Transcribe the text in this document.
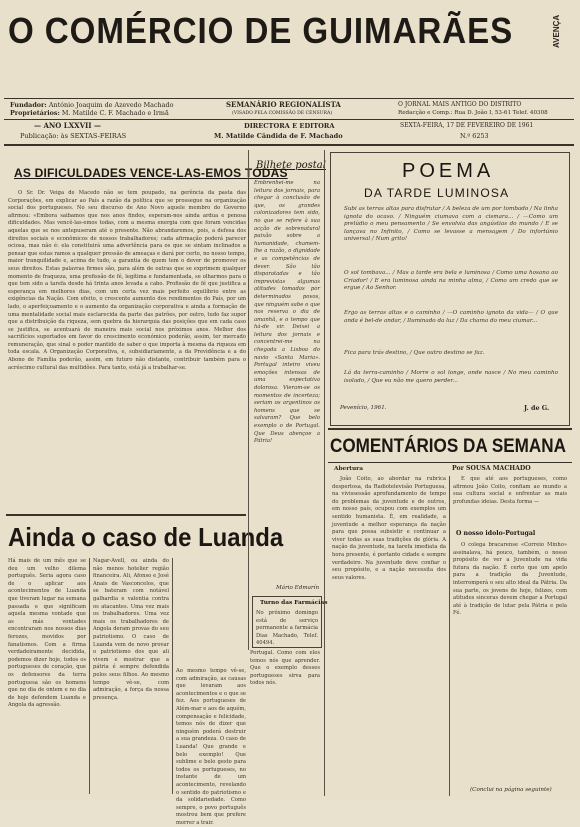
O COMÉRCIO DE GUIMARÃES	AVENÇA
Fundador: António Joaquim de Azevedo Machado
Proprietários: M. Matilde C. F. Machado e Irmã
SEMANÁRIO REGIONALISTA
(VISADO PELA COMISSÃO DE CENSURA)
O JORNAL MAIS ANTIGO DO DISTRITO
Redacção e Comp.: Rua D. João I, 53-61 Telef. 40308
— ANO LXXVII —
Publicação: às SEXTAS-FEIRAS
DIRECTORA E EDITORA
M. Matilde Cândida de F. Machado
SEXTA-FEIRA, 17 DE FEVEREIRO DE 1961
N.º 6253
AS DIFICULDADES VENCE-LAS-EMOS TODAS
O Sr. Dr. Veiga de Macedo não se tem poupado, na gerência da pasta das Corporações, em explicar ao País a razão da política que se prossegue na organização social dos portugueses. No seu discurso de Ano Novo aquele membro do Governo afirmou: «Embora saibamos que nos anos findos, esperam-nos ainda ardua e penosa dificuldades. Mas vencê-las-emos todas, com a mesma energia com que foram vencidas aquelas que se nos antepuseram até o presente. Não abrandaremos, pois, a defesa dos direitos sociais e econômicos de nossos trabalhadores; cada afirmação poderá parecer ociosa, mas não é: ela constituirá uma advertência para os que se sintam inclinados a pensar que estas ramos a qualquer pressão de ameaças e dará por certo, no nosso tempo, maior tranquilidade e, acima de tudo, a garantia de quem tem o dever de promover os seus direitos. Estas palavras firmes são, para além de outras que se exprimem qualquer momento de fraqueza, uma profissão de fé, legítima e fundamentada, se olharmos para o que tem sido a tarefa desde há trinta anos levada a cabo. Profissão de fé que justifica a esperança em melhores dias, com um certa vez mais perfeito equilíbrio entre as exigências da Nação. Com efeito, o crescente aumento dos rendimentos do País, por um lado, o aperfeiçoamento e o aumento da organização corporativa e ainda a formação de uma mentalidade social mais esclarecida da parte das patrões, por outro, tudo faz supor que a distribuição da riqueza, sem quebra da hierarquia das posições que em cada caso se justifica, se acentuará de maneira mais social nos próximos anos. Melhor dos sacrifícios suportados em favor do crescimento económico poderão, assim, ter mercado remuneração, que sinal o poder mantido de saber o que importa à mesma da riqueza em toda escala. A Organização Corporativa, e, subsidiariamente, a da Previdência e a do Abono de Família poderão, assim, em futuro não distante, contribuir também para o acréscimo cultural das multidões. Para tanto, está já a trabalhar-se.
Ainda o caso de Luanda
Há mais de um mês que se deu um velho dilema português. Seria agora caso de o aplicar aos acontecimentos de Luanda que tiveram lugar na semana passada e que significam aquela mesma vontade que as más vontades encontraram nos nossos dias ferozes, movidos por fanatismos. Com a firma verdadeiramente decidida, podemos dizer hoje, todos os portugueses de coração, que os defensores da terra portuguesa são os homens que no dia de ontem e no dia de hoje defendem Luanda e Angola da agressão.
Nagar-Avell, ou ainda do não menos hotelier região financeira. Ali, Afonso e José Anais de Vasconcelos, que se bateram com notável galhardia e valentia contra os atacantes. Uma vez mais os trabalhadores. Uma vez mais os trabalhadores de Angola deram provas do seu patriotismo. O caso de Luanda vem de novo provar o patriotismo dos que ali vivem e mostrar que a pátria é sempre defendida pelos seus filhos. Ao mesmo tempo vê-se, com admiração, a força da nossa presença.
Ao mesmo tempo vê-se, com admiração, as causas que levaram aos acontecimentos e o que se fez. Aos portugueses de Além-mar e aos de aquém, compensação e felicidade, temos nós de dizer que ninguém poderá destruir a sua grandeza. O caso de Luanda! Que grande e belo exemplo! Que sublime e belo gesto para todos os portugueses, no instante de um acontecimento, revelando o sentido do patriotismo e da solidariedade. Como sempre, o povo português mostrou bem que prefere morrer a trair.
Portugal. Como com eles temos nós que aprender. Que o exemplo desses portugueses sirva para todos nós.
Bilhete postal
Embrenhei-me na leitura dos jornais, para chegar à conclusão de que, os grandes colonizadores tem sido, no que se refere à sua acção de sobrenatural paixão sobre a humanidade, chamem-lhe a razão, o dignidade e as competências de dever. São tão disparatadas e tão imprevistas algumas atitudes tomadas por determinados povos, que ninguém sabe o que nos reserva o dia de amanhã, e o tempo que há-de vir. Deixei a leitura dos jornais e concentrei-me na chegada a Lisboa do navio «Santa Maria». Portugal inteiro viveu emoções intensas de uma espectativa dolorosa. Vieram-se os momentos de incerteza; seriam os argentinos os homens que se salvaram? Que belo exemplo o de Portugal. Que Deus abençoe a Pátria!
Mário Edmarín
Turno das Farmácias
No próximo domingo está de serviço permanente a farmácia Dias Machado, Telef. 40494.
POEMA
DA TARDE LUMINOSA
Subi as terras altas para disfrutar / A beleza de um por tombado / Na linha ignota do ocaso. / Ninguém ciumava com a cismara... / —Como um prelúdio o meu pensamento / Se envolvia das angústias do mundo / E se lançava no Infinito, / Como se levasse a mensagem / Do infortúnio universal / Num grito!
O sol tombava... / Mas a tarde era bela e luminosa / Como uma hosana ao Criador! / E era luminosa ainda na minha alma, / Como um credo que se ergue / Ao Senhor.
Ergo as terras altas e o caminho / —O caminho ignoto da vida— / O que anda é bel-de andar, / Iluminado da luz / Da chama do meu ciumar...
Fica para trás destino, / Que outro destino se faz.
Lá da terra-caminho / Morre o sol longe, onde nasce / No meu caminho isolado, / Que eu não me quero perder...
Pevenício, 1961.	J. de G.
COMENTÁRIOS DA SEMANA
Abertura	Por SOUSA MACHADO
João Coito, ao abordar na rubrica despertosa, da Radiotelevisão Portuguesa, na vivissessão aprofundamento de tempo do problemas da juventude e de outros, em nosso país, ocupou com exemplos um sentido humanista. É, em realidade, a juventude a melhor esperança da nação para que possa subsistir e continuar a viver todas as suas tradições de glória. A nação da juventude, na tarefa imediata da hora presente, é portanto cidade e sempre verdadeiro. Na juventude deve confiar o seu propósito, e a nação necessita dos seus valores.
E que até aos portugueses, como afirmou João Coito, confiam ao mundo a sua cultura social e enfrentar as mais profundas ideias. Desta forma —
O nosso idolo-Portugal
O colega bracarense «Correio Minho» assinalava, há pouco, também, o nosso propósito de ver a Juventude na vida futura da nação. É certo que um apelo para a tradição da Juventude, interromperá o seu alto ideal da Pátria. Da sua parte, os jovens de hoje, felizes, com atitudes sinceras devem chegar a Portugal até à tradição de lutar pela Pátria e pela Fé.
(Conclui na página seguinte)
